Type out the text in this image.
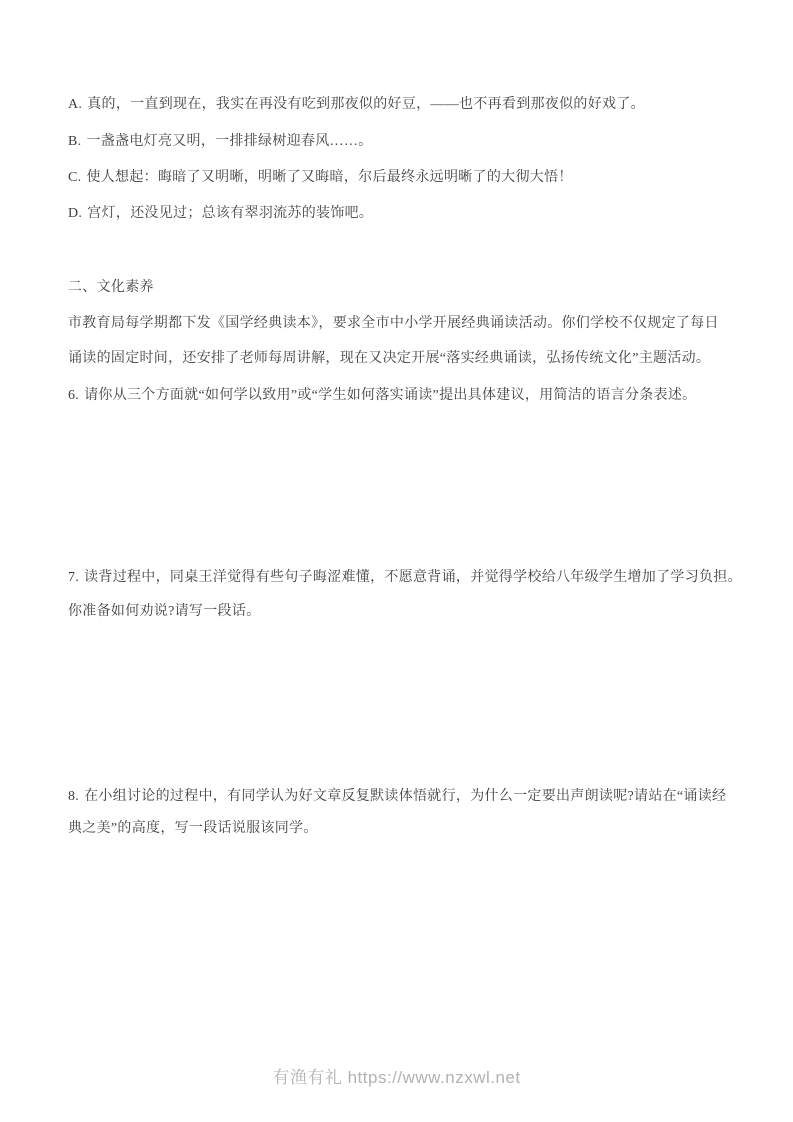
A. 真的，一直到现在，我实在再没有吃到那夜似的好豆，——也不再看到那夜似的好戏了。
B. 一盏盏电灯亮又明，一排排绿树迎春风……。
C. 使人想起：晦暗了又明晰，明晰了又晦暗，尔后最终永远明晰了的大彻大悟！
D. 宫灯，还没见过；总该有翠羽流苏的装饰吧。
二、文化素养
市教育局每学期都下发《国学经典读本》，要求全市中小学开展经典诵读活动。你们学校不仅规定了每日
诵读的固定时间，还安排了老师每周讲解，现在又决定开展“落实经典诵读，弘扬传统文化”主题活动。
6. 请你从三个方面就“如何学以致用”或“学生如何落实诵读”提出具体建议，用简洁的语言分条表述。
7. 读背过程中，同桌王洋觉得有些句子晦涩难懂，不愿意背诵，并觉得学校给八年级学生增加了学习负担。
你准备如何劝说?请写一段话。
8. 在小组讨论的过程中，有同学认为好文章反复默读体悟就行，为什么一定要出声朗读呢?请站在“诵读经
典之美”的高度，写一段话说服该同学。
有渔有礼 https://www.nzxwl.net
